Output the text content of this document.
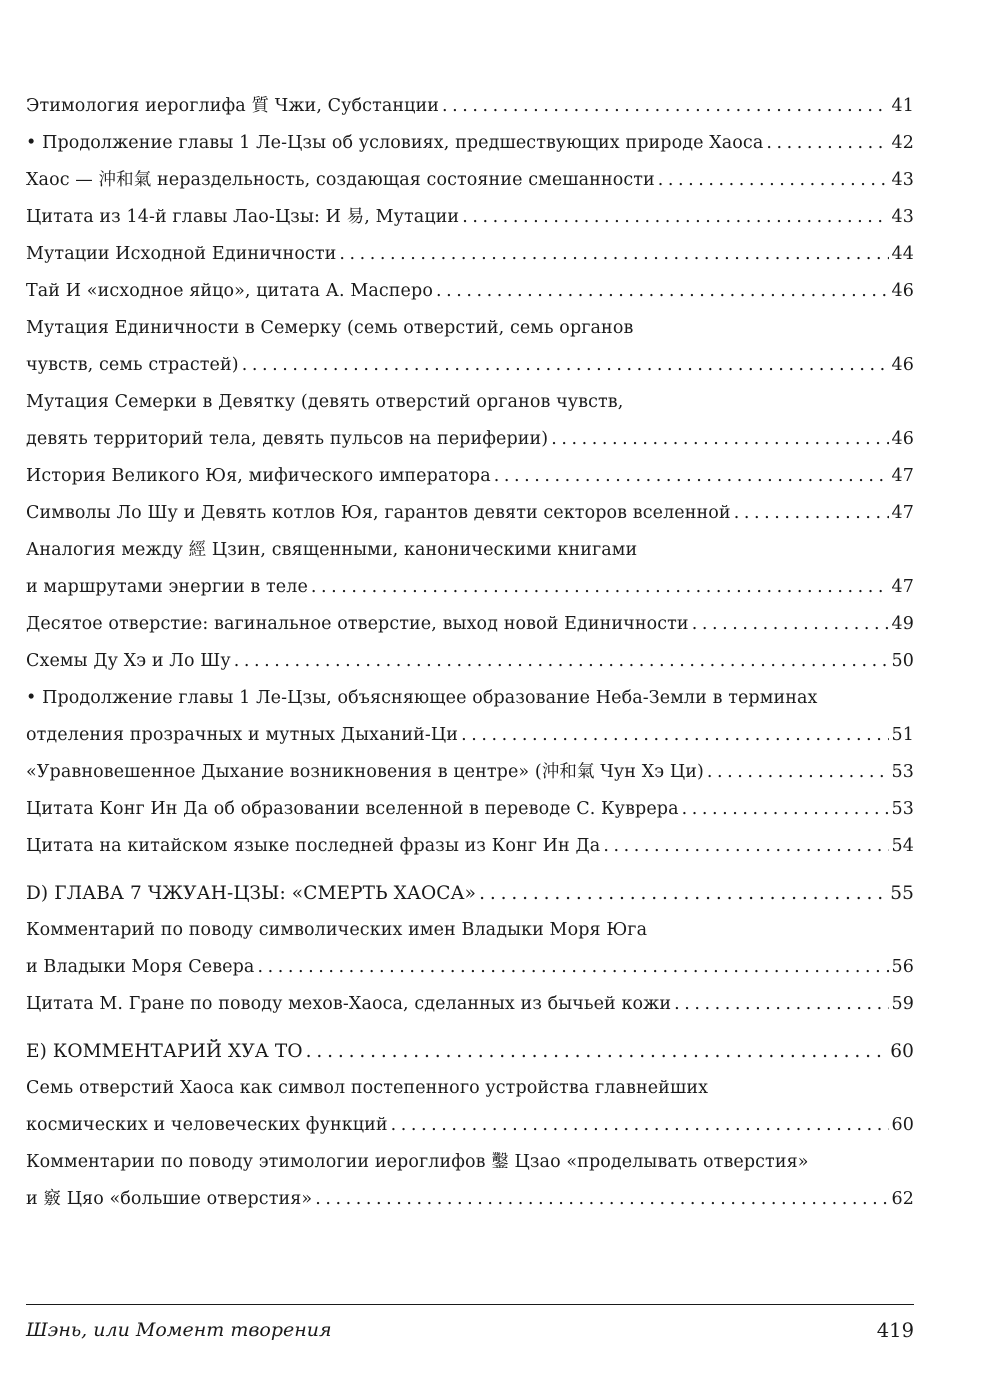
Этимология иероглифа 質 Чжи, Субстанции . . .	41
• Продолжение главы 1 Ле-Цзы об условиях, предшествующих природе Хаоса . . .	42
Хаос — 沖和氣 нераздельность, создающая состояние смешанности . . .	43
Цитата из 14-й главы Лао-Цзы: И 易, Мутации . . .	43
Мутации Исходной Единичности . . .	44
Тай И «исходное яйцо», цитата А. Масперо . . .	46
Мутация Единичности в Семерку (семь отверстий, семь органов
чувств, семь страстей) . . .	46
Мутация Семерки в Девятку (девять отверстий органов чувств,
девять территорий тела, девять пульсов на периферии) . . .	46
История Великого Юя, мифического императора . . .	47
Символы Ло Шу и Девять котлов Юя, гарантов девяти секторов вселенной . . .	47
Аналогия между 經 Цзин, священными, каноническими книгами
и маршрутами энергии в теле . . .	47
Десятое отверстие: вагинальное отверстие, выход новой Единичности . . .	49
Схемы Ду Хэ и Ло Шу . . .	50
• Продолжение главы 1 Ле-Цзы, объясняющее образование Неба-Земли в терминах
отделения прозрачных и мутных Дыханий-Ци . . .	51
«Уравновешенное Дыхание возникновения в центре» (沖和氣 Чун Хэ Ци) . . .	53
Цитата Конг Ин Да об образовании вселенной в переводе С. Куврера . . .	53
Цитата на китайском языке последней фразы из Конг Ин Да . . .	54
D) ГЛАВА 7 ЧЖУАН-ЦЗЫ: «СМЕРТЬ ХАОСА» . . .	55
Комментарий по поводу символических имен Владыки Моря Юга
и Владыки Моря Севера . . .	56
Цитата М. Гране по поводу мехов-Хаоса, сделанных из бычьей кожи . . .	59
E) КОММЕНТАРИЙ ХУА ТО . . .	60
Семь отверстий Хаоса как символ постепенного устройства главнейших
космических и человеческих функций . . .	60
Комментарии по поводу этимологии иероглифов 鑿 Цзао «проделывать отверстия»
и 竅 Цяо «большие отверстия» . . .	62
Шэнь, или Момент творения	419
